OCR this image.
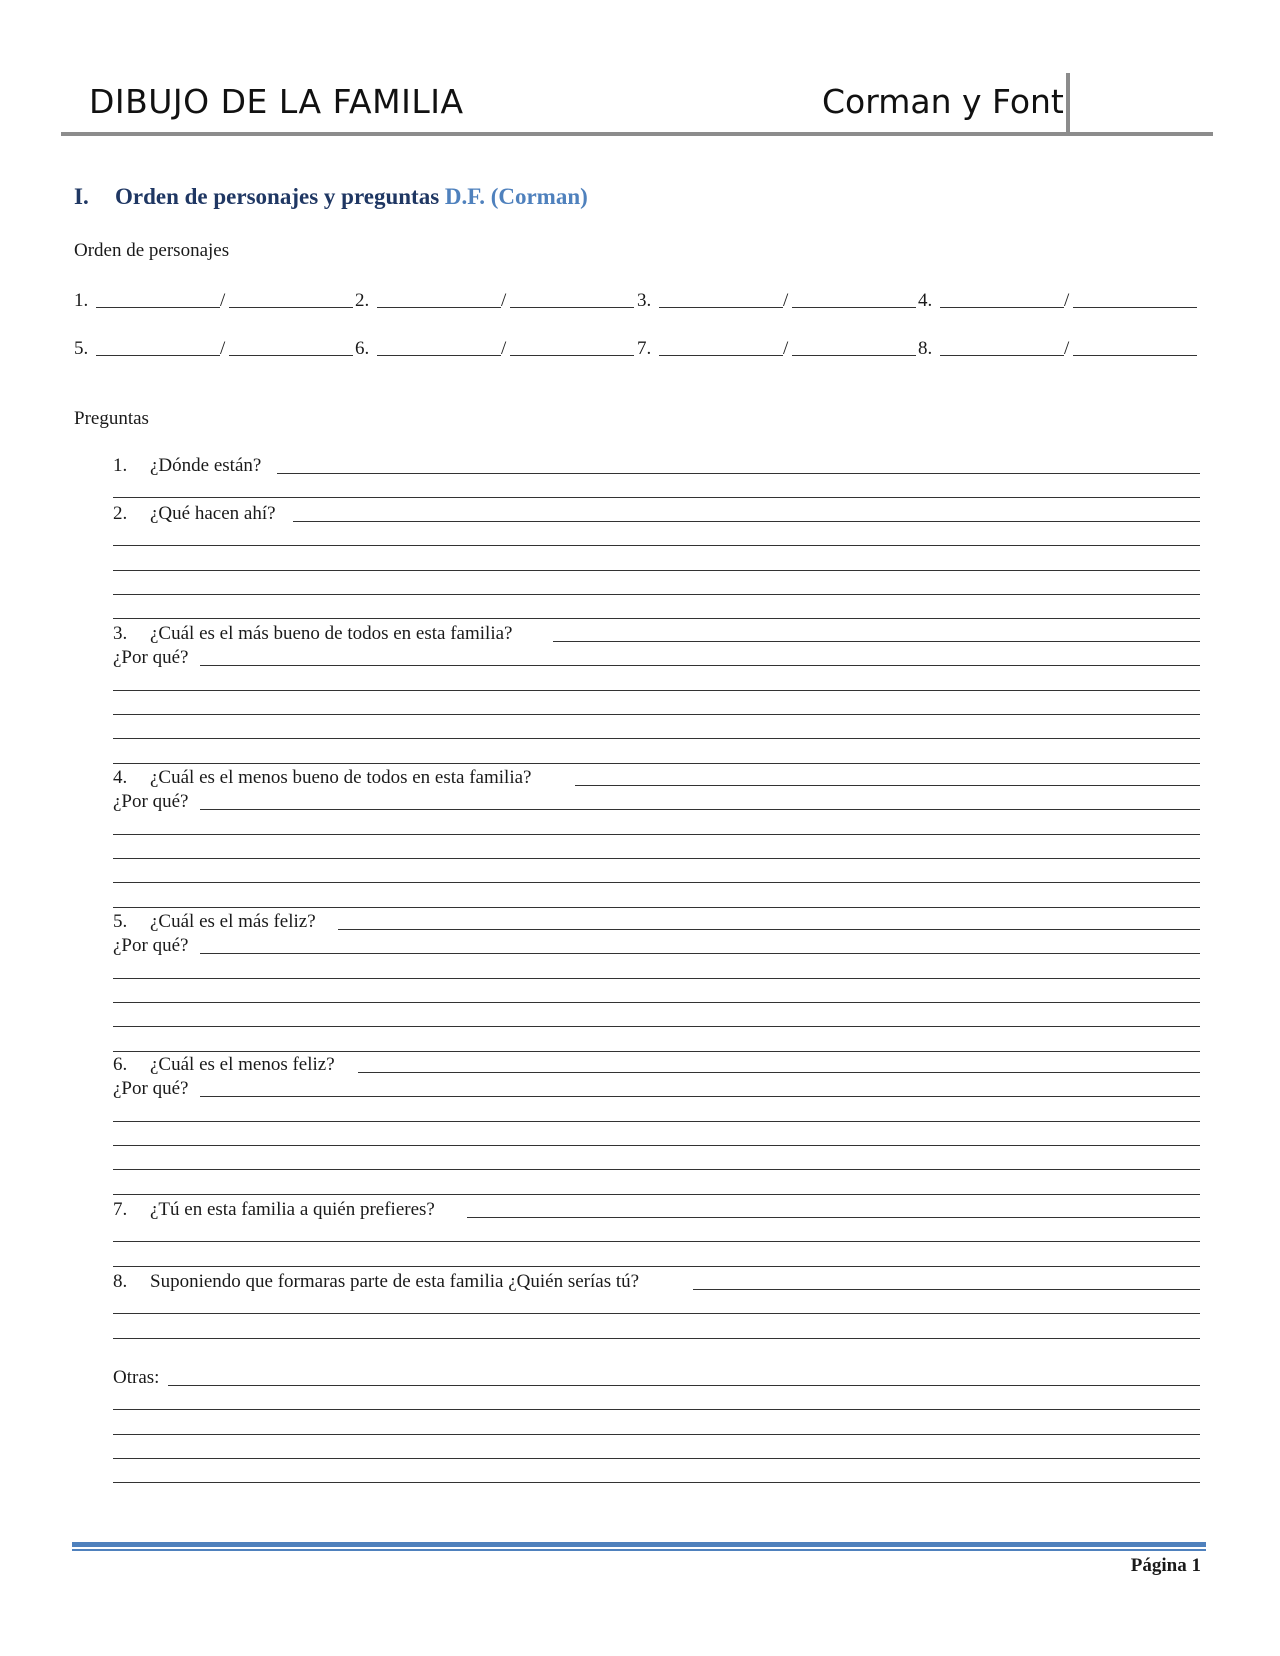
DIBUJO DE LA FAMILIA	Corman y Font
I. Orden de personajes y preguntas D.F. (Corman)
Orden de personajes
1.	/	2.	/	3.	/	4.	/
5.	/	6.	/	7.	/	8.	/
Preguntas
1. ¿Dónde están?
2. ¿Qué hacen ahí?
3. ¿Cuál es el más bueno de todos en esta familia?
¿Por qué?
4. ¿Cuál es el menos bueno de todos en esta familia?
¿Por qué?
5. ¿Cuál es el más feliz?
¿Por qué?
6. ¿Cuál es el menos feliz?
¿Por qué?
7. ¿Tú en esta familia a quién prefieres?
8. Suponiendo que formaras parte de esta familia ¿Quién serías tú?
Otras:
Página 1
